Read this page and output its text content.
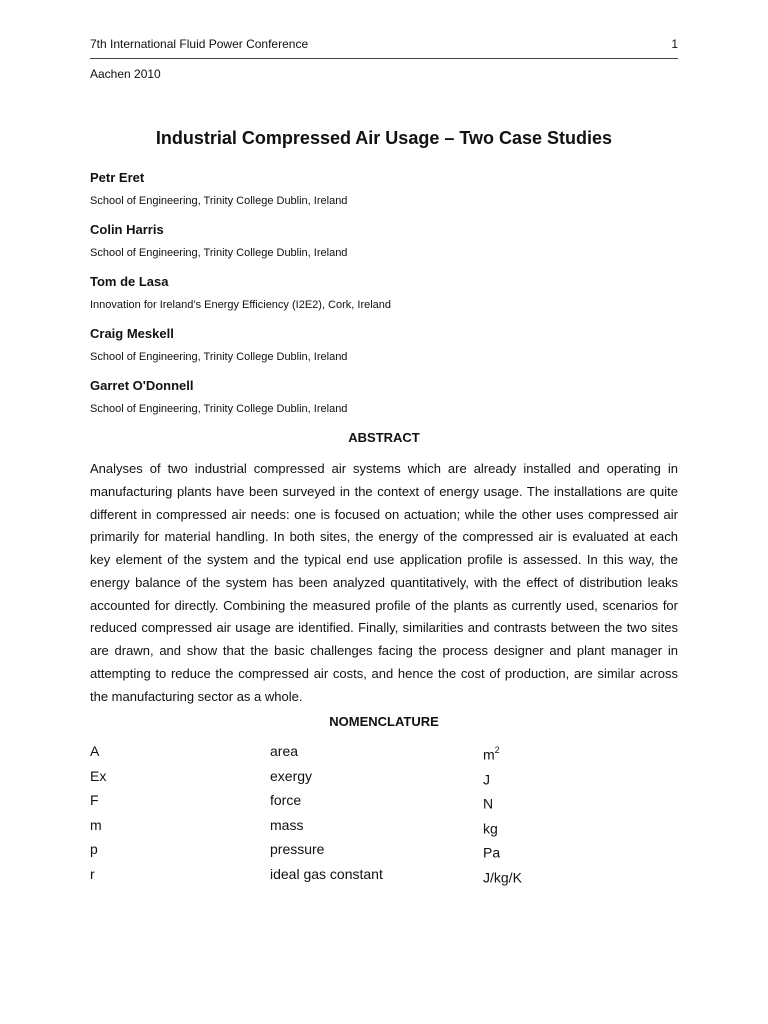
7th International Fluid Power Conference	1
Aachen 2010
Industrial Compressed Air Usage – Two Case Studies
Petr Eret
School of Engineering, Trinity College Dublin, Ireland
Colin Harris
School of Engineering, Trinity College Dublin, Ireland
Tom de Lasa
Innovation for Ireland’s Energy Efficiency (I2E2), Cork, Ireland
Craig Meskell
School of Engineering, Trinity College Dublin, Ireland
Garret O'Donnell
School of Engineering, Trinity College Dublin, Ireland
ABSTRACT
Analyses of two industrial compressed air systems which are already installed and operating in manufacturing plants have been surveyed in the context of energy usage. The installations are quite different in compressed air needs: one is focused on actuation; while the other uses compressed air primarily for material handling. In both sites, the energy of the compressed air is evaluated at each key element of the system and the typical end use application profile is assessed. In this way, the energy balance of the system has been analyzed quantitatively, with the effect of distribution leaks accounted for directly. Combining the measured profile of the plants as currently used, scenarios for reduced compressed air usage are identified. Finally, similarities and contrasts between the two sites are drawn, and show that the basic challenges facing the process designer and plant manager in attempting to reduce the compressed air costs, and hence the cost of production, are similar across the manufacturing sector as a whole.
NOMENCLATURE
A	area	$m^2$
Ex	exergy	J
F	force	N
m	mass	kg
p	pressure	Pa
r	ideal gas constant	J/kg/K
